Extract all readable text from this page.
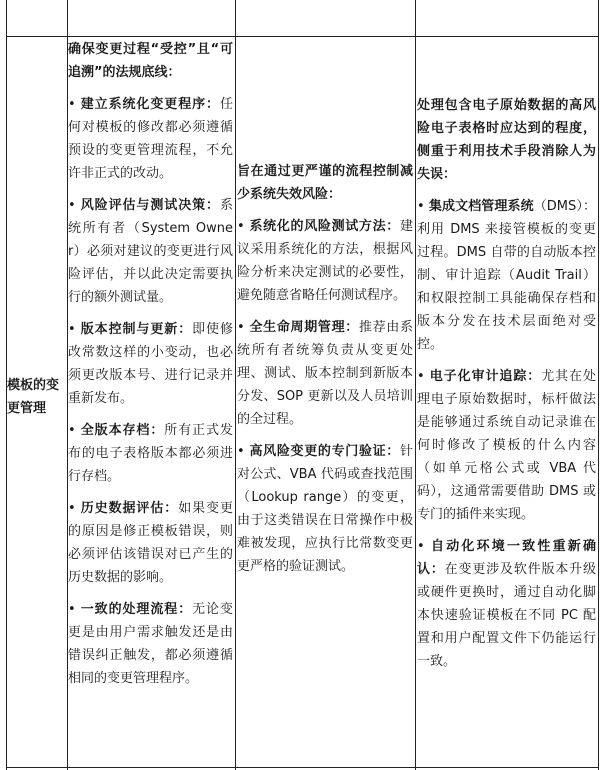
模板的变更管理

确保变更过程“受控”且“可追溯”的法规底线：

• 建立系统化变更程序：任何对模板的修改都必须遵循预设的变更管理流程，不允许非正式的改动。

• 风险评估与测试决策：系统所有者（System Owner）必须对建议的变更进行风险评估，并以此决定需要执行的额外测试量。

• 版本控制与更新：即使修改常数这样的小变动，也必须更改版本号、进行记录并重新发布。

• 全版本存档：所有正式发布的电子表格版本都必须进行存档。

• 历史数据评估：如果变更的原因是修正模板错误，则必须评估该错误对已产生的历史数据的影响。

• 一致的处理流程：无论变更是由用户需求触发还是由错误纠正触发，都必须遵循相同的变更管理程序。

旨在通过更严谨的流程控制减少系统失效风险：

• 系统化的风险测试方法：建议采用系统化的方法，根据风险分析来决定测试的必要性，避免随意省略任何测试程序。

• 全生命周期管理：推荐由系统所有者统筹负责从变更处理、测试、版本控制到新版本分发、SOP 更新以及人员培训的全过程。

• 高风险变更的专门验证：针对公式、VBA 代码或查找范围（Lookup range）的变更，由于这类错误在日常操作中极难被发现，应执行比常数变更更严格的验证测试。

处理包含电子原始数据的高风险电子表格时应达到的程度，侧重于利用技术手段消除人为失误：

• 集成文档管理系统（DMS）：利用 DMS 来接管模板的变更过程。DMS 自带的自动版本控制、审计追踪（Audit Trail）和权限控制工具能确保存档和版本分发在技术层面绝对受控。

• 电子化审计追踪：尤其在处理电子原始数据时，标杆做法是能够通过系统自动记录谁在何时修改了模板的什么内容（如单元格公式或 VBA 代码），这通常需要借助 DMS 或专门的插件来实现。

• 自动化环境一致性重新确认：在变更涉及软件版本升级或硬件更换时，通过自动化脚本快速验证模板在不同 PC 配置和用户配置文件下仍能运行一致。
